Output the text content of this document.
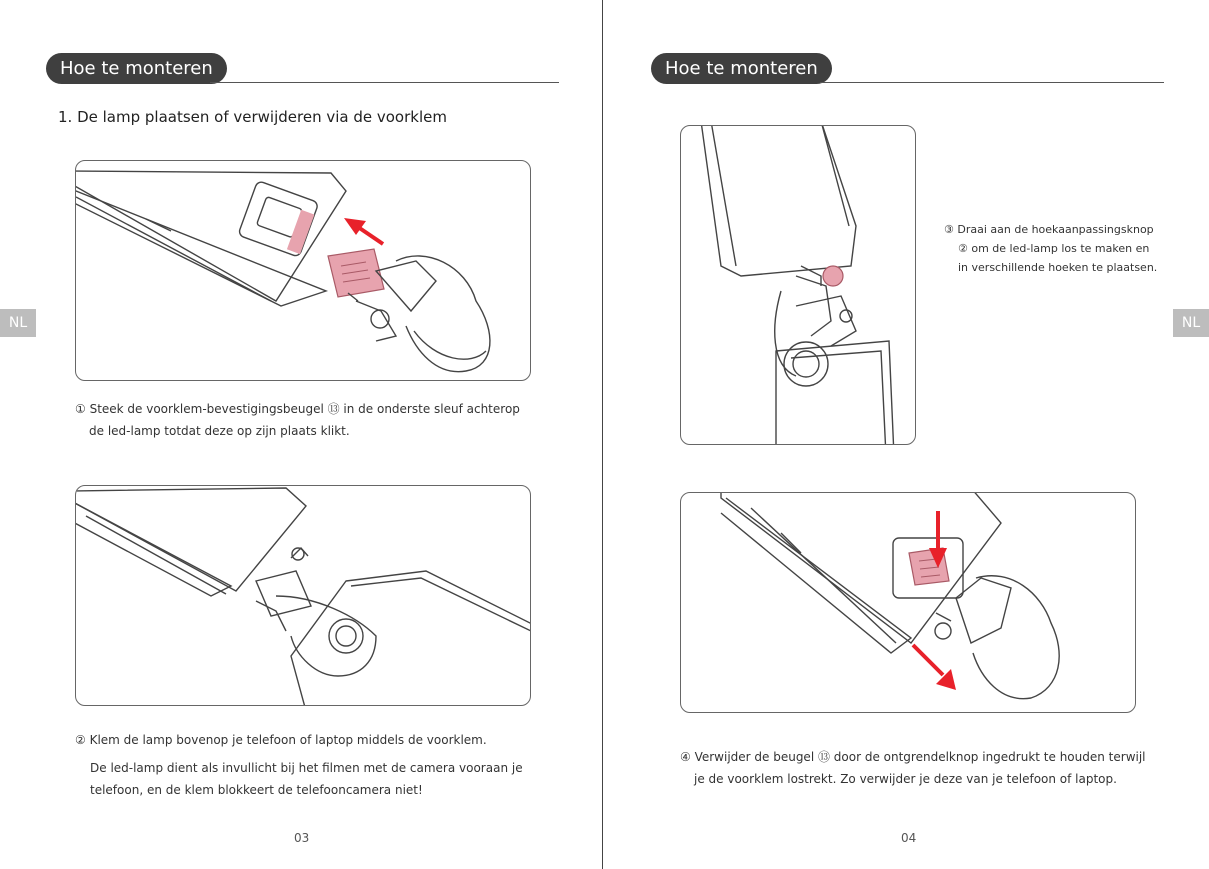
Hoe te monteren
1. De lamp plaatsen of verwijderen via de voorklem
① Steek de voorklem-bevestigingsbeugel ⑬ in de onderste sleuf achterop
de led-lamp totdat deze op zijn plaats klikt.
② Klem de lamp bovenop je telefoon of laptop middels de voorklem.
De led-lamp dient als invullicht bij het filmen met de camera vooraan je
telefoon, en de klem blokkeert de telefooncamera niet!
NL
03
Hoe te monteren
③ Draai aan de hoekaanpassingsknop
② om de led-lamp los te maken en
in verschillende hoeken te plaatsen.
④ Verwijder de beugel ⑬ door de ontgrendelknop ingedrukt te houden terwijl
je de voorklem lostrekt. Zo verwijder je deze van je telefoon of laptop.
NL
04
